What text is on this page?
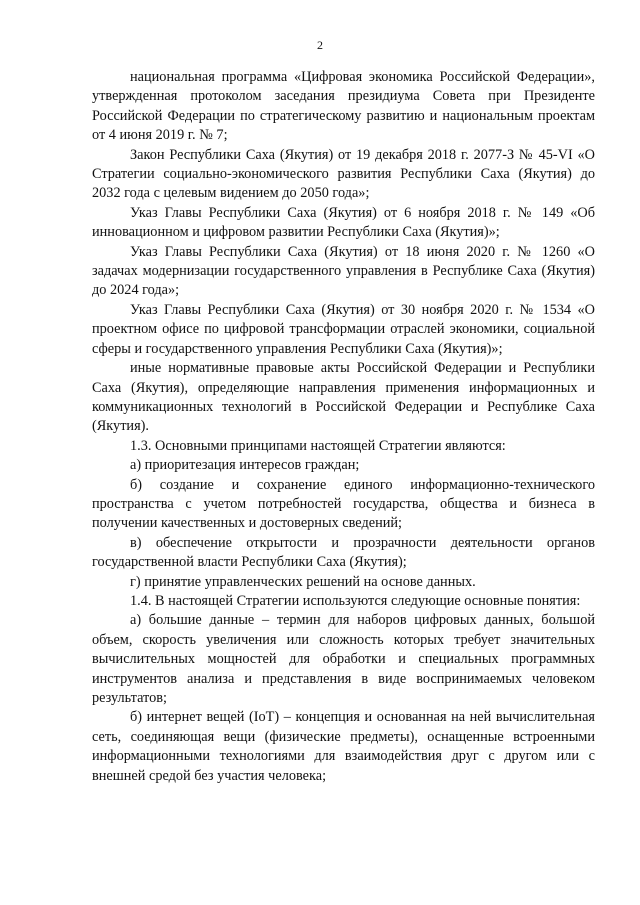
2

национальная программа «Цифровая экономика Российской Федерации», утвержденная протоколом заседания президиума Совета при Президенте Российской Федерации по стратегическому развитию и национальным проектам от 4 июня 2019 г. № 7;

Закон Республики Саха (Якутия) от 19 декабря 2018 г. 2077-З № 45-VI «О Стратегии социально-экономического развития Республики Саха (Якутия) до 2032 года с целевым видением до 2050 года»;

Указ Главы Республики Саха (Якутия) от 6 ноября 2018 г. № 149 «Об инновационном и цифровом развитии Республики Саха (Якутия)»;

Указ Главы Республики Саха (Якутия) от 18 июня 2020 г. № 1260 «О задачах модернизации государственного управления в Республике Саха (Якутия) до 2024 года»;

Указ Главы Республики Саха (Якутия) от 30 ноября 2020 г. № 1534 «О проектном офисе по цифровой трансформации отраслей экономики, социальной сферы и государственного управления Республики Саха (Якутия)»;

иные нормативные правовые акты Российской Федерации и Республики Саха (Якутия), определяющие направления применения информационных и коммуникационных технологий в Российской Федерации и Республике Саха (Якутия).

1.3. Основными принципами настоящей Стратегии являются:

а) приоритезация интересов граждан;

б) создание и сохранение единого информационно-технического пространства с учетом потребностей государства, общества и бизнеса в получении качественных и достоверных сведений;

в) обеспечение открытости и прозрачности деятельности органов государственной власти Республики Саха (Якутия);

г) принятие управленческих решений на основе данных.

1.4. В настоящей Стратегии используются следующие основные понятия:

а) большие данные – термин для наборов цифровых данных, большой объем, скорость увеличения или сложность которых требует значительных вычислительных мощностей для обработки и специальных программных инструментов анализа и представления в виде воспринимаемых человеком результатов;

б) интернет вещей (IoT) – концепция и основанная на ней вычислительная сеть, соединяющая вещи (физические предметы), оснащенные встроенными информационными технологиями для взаимодействия друг с другом или с внешней средой без участия человека;
